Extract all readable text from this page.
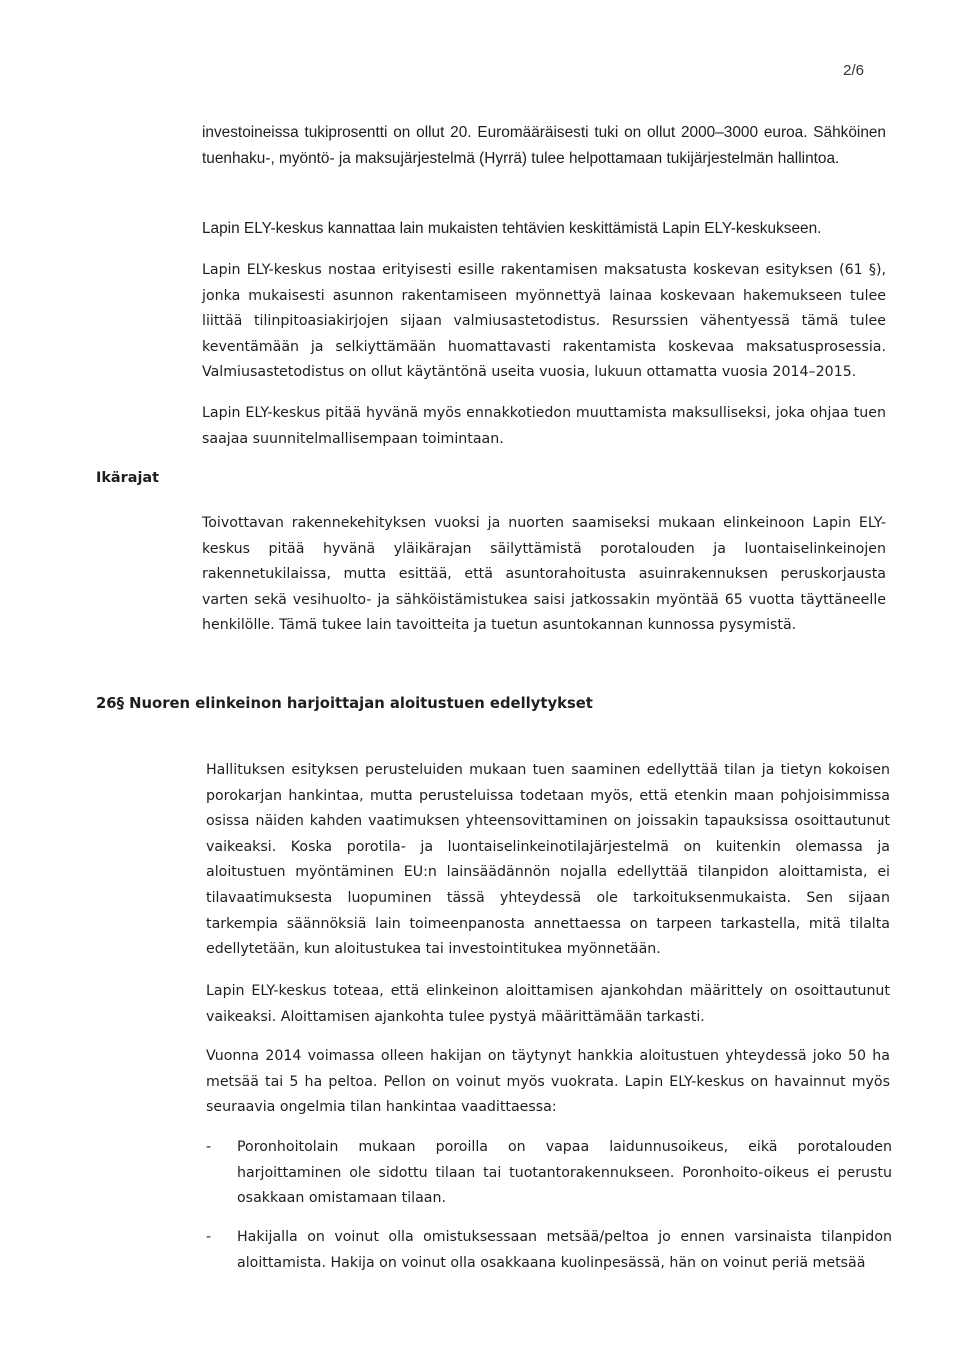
2/6

investoineissa tukiprosentti on ollut 20. Euromääräisesti tuki on ollut 2000–3000 euroa. Sähköinen tuenhaku-, myöntö- ja maksujärjestelmä (Hyrrä) tulee helpottamaan tukijärjestelmän hallintoa.

Lapin ELY-keskus kannattaa lain mukaisten tehtävien keskittämistä Lapin ELY-keskukseen.

Lapin ELY-keskus nostaa erityisesti esille rakentamisen maksatusta koskevan esityksen (61 §), jonka mukaisesti asunnon rakentamiseen myönnettyä lainaa koskevaan hakemukseen tulee liittää tilinpitoasiakirjojen sijaan valmiusastetodistus. Resurssien vähentyessä tämä tulee keventämään ja selkiyttämään huomattavasti rakentamista koskevaa maksatusprosessia. Valmiusastetodistus on ollut käytäntönä useita vuosia, lukuun ottamatta vuosia 2014–2015.

Lapin ELY-keskus pitää hyvänä myös ennakkotiedon muuttamista maksulliseksi, joka ohjaa tuen saajaa suunnitelmallisempaan toimintaan.

Ikärajat

Toivottavan rakennekehityksen vuoksi ja nuorten saamiseksi mukaan elinkeinoon Lapin ELY-keskus pitää hyvänä yläikärajan säilyttämistä porotalouden ja luontaiselinkeinojen rakennetukilaissa, mutta esittää, että asuntorahoitusta asuinrakennuksen peruskorjausta varten sekä vesihuolto- ja sähköistämistukea saisi jatkossakin myöntää 65 vuotta täyttäneelle henkilölle. Tämä tukee lain tavoitteita ja tuetun asuntokannan kunnossa pysymistä.

26§ Nuoren elinkeinon harjoittajan aloitustuen edellytykset

Hallituksen esityksen perusteluiden mukaan tuen saaminen edellyttää tilan ja tietyn kokoisen porokarjan hankintaa, mutta perusteluissa todetaan myös, että etenkin maan pohjoisimmissa osissa näiden kahden vaatimuksen yhteensovittaminen on joissakin tapauksissa osoittautunut vaikeaksi. Koska porotila- ja luontaiselinkeinotilajärjestelmä on kuitenkin olemassa ja aloitustuen myöntäminen EU:n lainsäädännön nojalla edellyttää tilanpidon aloittamista, ei tilavaatimuksesta luopuminen tässä yhteydessä ole tarkoituksenmukaista. Sen sijaan tarkempia säännöksiä lain toimeenpanosta annettaessa on tarpeen tarkastella, mitä tilalta edellytetään, kun aloitustukea tai investointitukea myönnetään.

Lapin ELY-keskus toteaa, että elinkeinon aloittamisen ajankohdan määrittely on osoittautunut vaikeaksi. Aloittamisen ajankohta tulee pystyä määrittämään tarkasti.

Vuonna 2014 voimassa olleen hakijan on täytynyt hankkia aloitustuen yhteydessä joko 50 ha metsää tai 5 ha peltoa. Pellon on voinut myös vuokrata. Lapin ELY-keskus on havainnut myös seuraavia ongelmia tilan hankintaa vaadittaessa:

- Poronhoitolain mukaan poroilla on vapaa laidunnusoikeus, eikä porotalouden harjoittaminen ole sidottu tilaan tai tuotantorakennukseen. Poronhoito-oikeus ei perustu osakkaan omistamaan tilaan.

- Hakijalla on voinut olla omistuksessaan metsää/peltoa jo ennen varsinaista tilanpidon aloittamista. Hakija on voinut olla osakkaana kuolinpesässä, hän on voinut periä metsää
